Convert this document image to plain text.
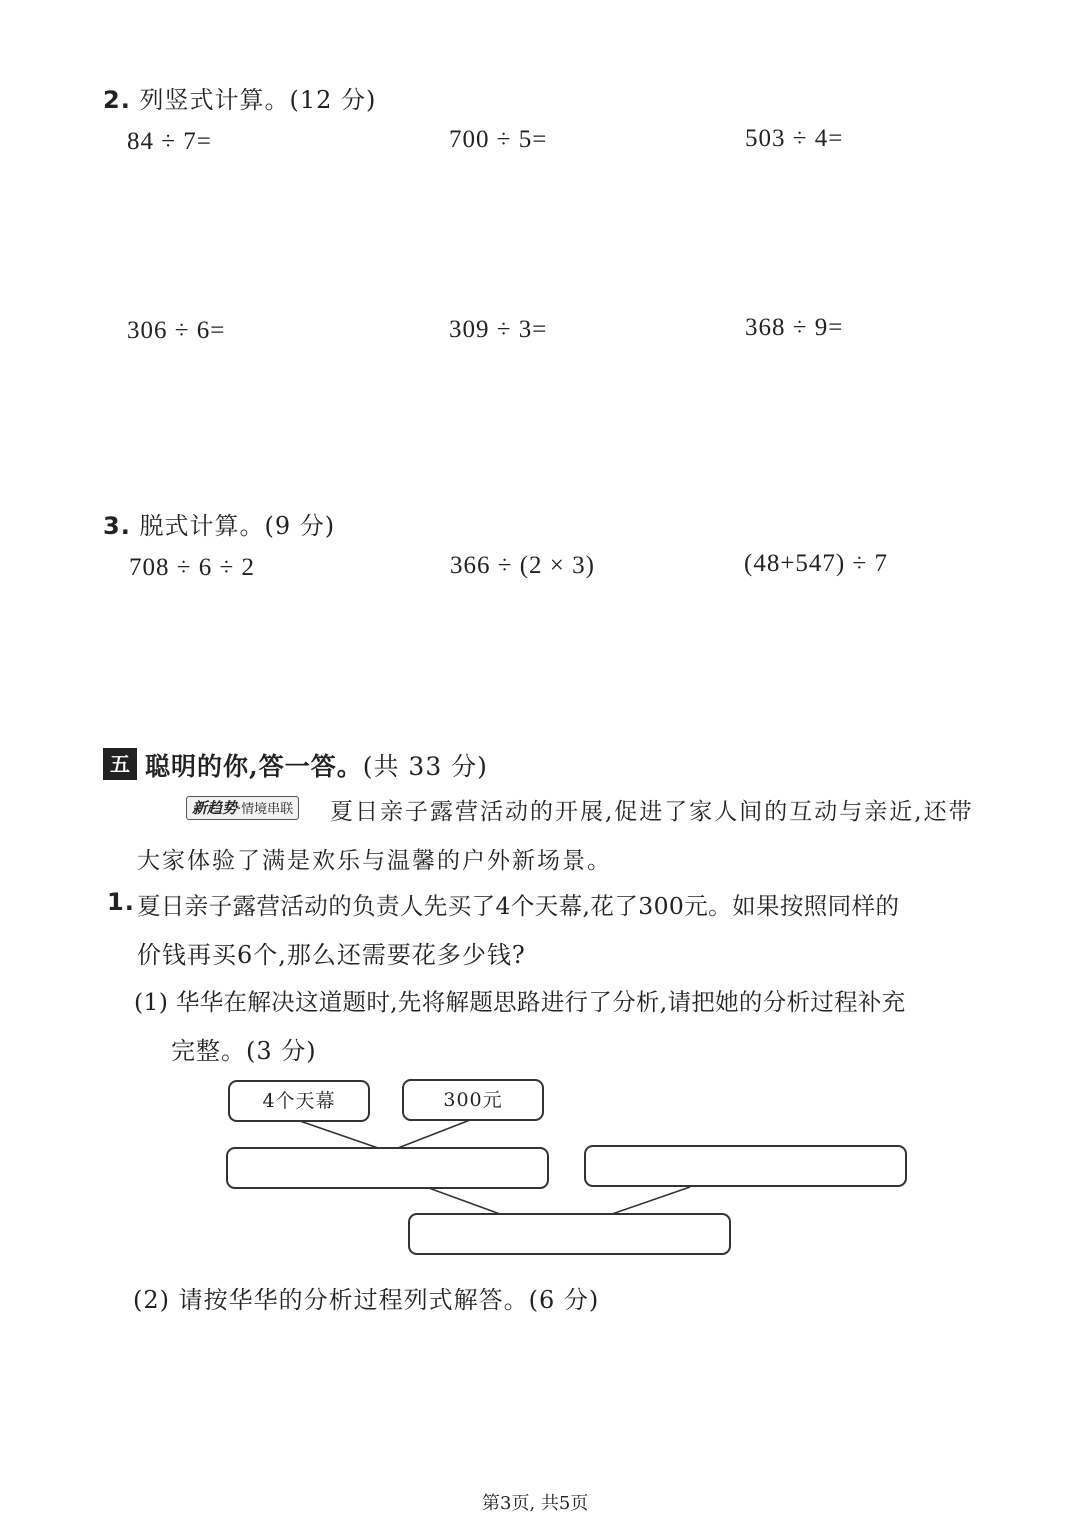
2. 列竖式计算。(12 分)
84 ÷ 7=	700 ÷ 5=	503 ÷ 4=
306 ÷ 6=	309 ÷ 3=	368 ÷ 9=
3. 脱式计算。(9 分)
708 ÷ 6 ÷ 2	366 ÷ (2 × 3)	(48+547) ÷ 7
五 聪明的你,答一答。(共 33 分)
新趋势·情境串联 夏日亲子露营活动的开展,促进了家人间的互动与亲近,还带
大家体验了满是欢乐与温馨的户外新场景。
1. 夏日亲子露营活动的负责人先买了4个天幕,花了300元。如果按照同样的
价钱再买6个,那么还需要花多少钱?
(1) 华华在解决这道题时,先将解题思路进行了分析,请把她的分析过程补充
完整。(3 分)
4个天幕	300元
(2) 请按华华的分析过程列式解答。(6 分)
第3页, 共5页
